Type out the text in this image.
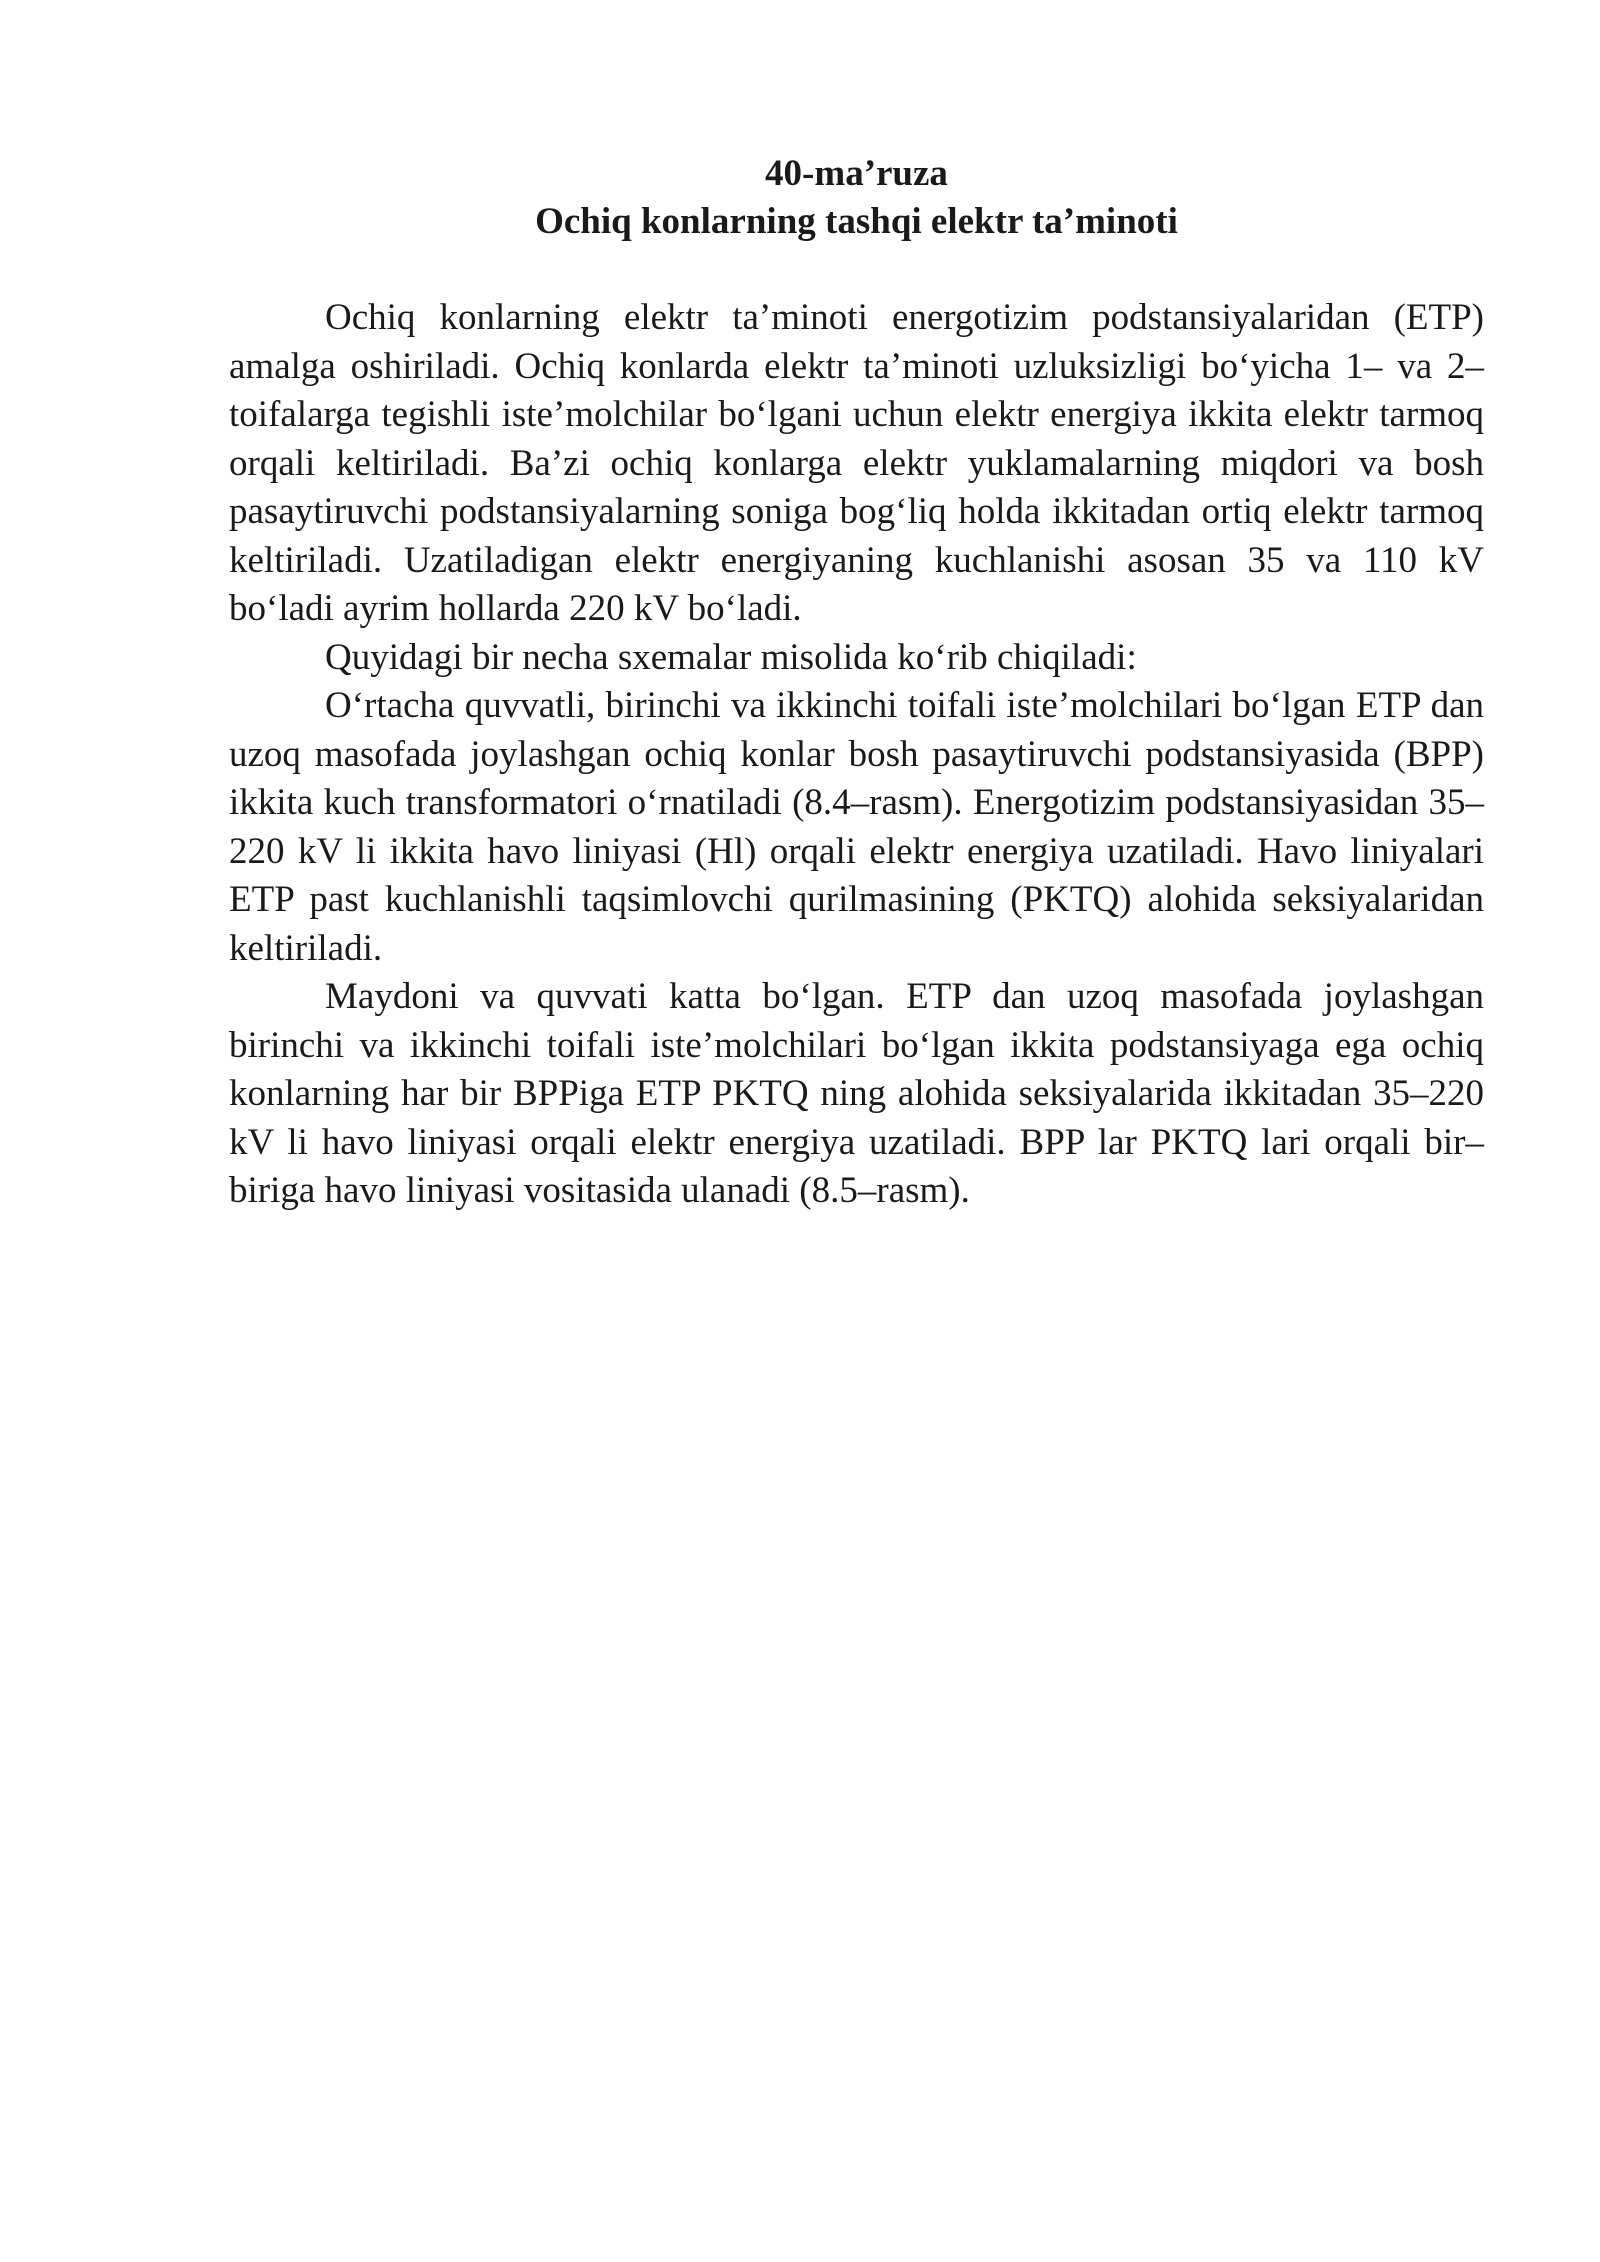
40-ma’ruza

Ochiq konlarning tashqi elektr ta’minoti

Ochiq konlarning elektr ta’minoti energotizim podstansiyalaridan (ETP) amalga oshiriladi. Ochiq konlarda elektr ta’minoti uzluksizligi bo‘yicha 1– va 2–toifalarga tegishli iste’molchilar bo‘lgani uchun elektr energiya ikkita elektr tarmoq orqali keltiriladi. Ba’zi ochiq konlarga elektr yuklamalarning miqdori va bosh pasaytiruvchi podstansiyalarning soniga bog‘liq holda ikkitadan ortiq elektr tarmoq keltiriladi. Uzatiladigan elektr energiyaning kuchlanishi asosan 35 va 110 kV bo‘ladi ayrim hollarda 220 kV bo‘ladi.

Quyidagi bir necha sxemalar misolida ko‘rib chiqiladi:

O‘rtacha quvvatli, birinchi va ikkinchi toifali iste’molchilari bo‘lgan ETP dan uzoq masofada joylashgan ochiq konlar bosh pasaytiruvchi podstansiyasida (BPP) ikkita kuch transformatori o‘rnatiladi (8.4–rasm). Energotizim podstansiyasidan 35–220 kV li ikkita havo liniyasi (Hl) orqali elektr energiya uzatiladi. Havo liniyalari ETP past kuchlanishli taqsimlovchi qurilmasining (PKTQ) alohida seksiyalaridan keltiriladi.

Maydoni va quvvati katta bo‘lgan. ETP dan uzoq masofada joylashgan birinchi va ikkinchi toifali iste’molchilari bo‘lgan ikkita podstansiyaga ega ochiq konlarning har bir BPPiga ETP PKTQ ning alohida seksiyalarida ikkitadan 35–220 kV li havo liniyasi orqali elektr energiya uzatiladi. BPP lar PKTQ lari orqali bir–biriga havo liniyasi vositasida ulanadi (8.5–rasm).
